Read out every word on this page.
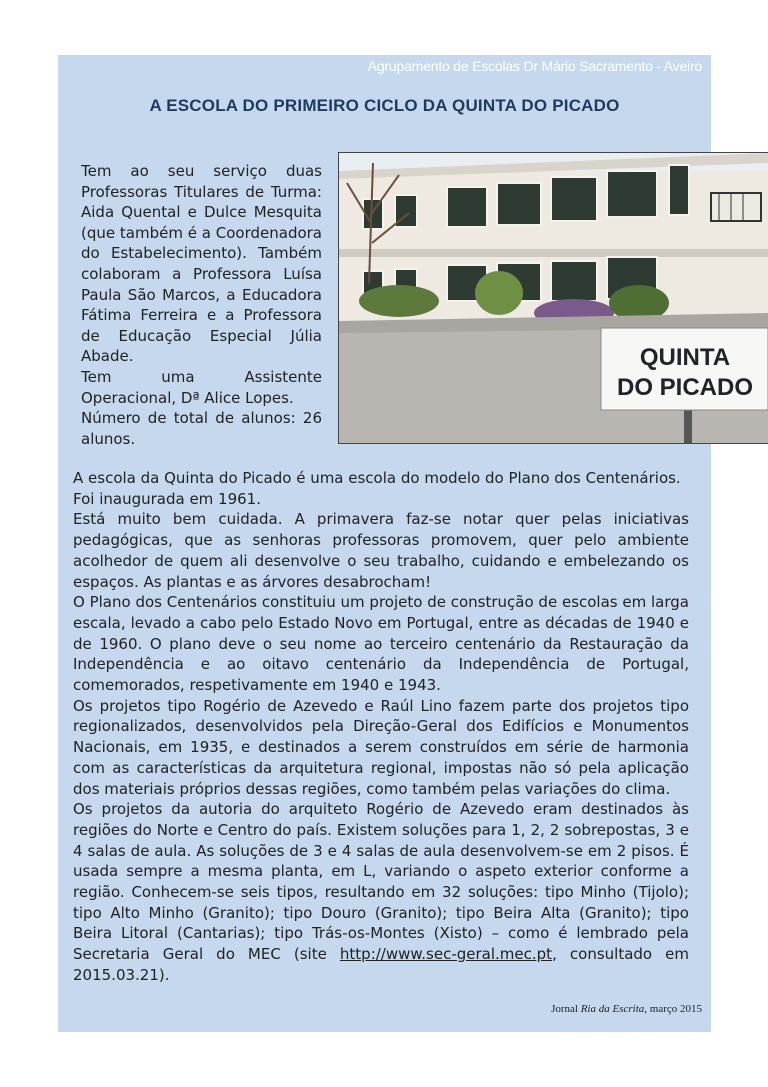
Agrupamento de Escolas Dr Mário Sacramento - Aveiro
A ESCOLA DO PRIMEIRO CICLO DA QUINTA DO PICADO

Tem ao seu serviço duas Professoras Titulares de Turma: Aida Quental e Dulce Mesquita (que também é a Coordenadora do Estabelecimento). Também colaboram a Professora Luísa Paula São Marcos, a Educadora Fátima Ferreira e a Professora de Educação Especial Júlia Abade.

Tem uma Assistente Operacional, Dª Alice Lopes.

Número de total de alunos: 26 alunos.

QUINTA
DO PICADO

A escola da Quinta do Picado é uma escola do modelo do Plano dos Centenários.

Foi inaugurada em 1961.

Está muito bem cuidada. A primavera faz-se notar quer pelas iniciativas pedagógicas, que as senhoras professoras promovem, quer pelo ambiente acolhedor de quem ali desenvolve o seu trabalho, cuidando e embelezando os espaços. As plantas e as árvores desabrocham!

O Plano dos Centenários constituiu um projeto de construção de escolas em larga escala, levado a cabo pelo Estado Novo em Portugal, entre as décadas de 1940 e de 1960. O plano deve o seu nome ao terceiro centenário da Restauração da Independência e ao oitavo centenário da Independência de Portugal, comemorados, respetivamente em 1940 e 1943.

Os projetos tipo Rogério de Azevedo e Raúl Lino fazem parte dos projetos tipo regionalizados, desenvolvidos pela Direção-Geral dos Edifícios e Monumentos Nacionais, em 1935, e destinados a serem construídos em série de harmonia com as características da arquitetura regional, impostas não só pela aplicação dos materiais próprios dessas regiões, como também pelas variações do clima.

Os projetos da autoria do arquiteto Rogério de Azevedo eram destinados às regiões do Norte e Centro do país. Existem soluções para 1, 2, 2 sobrepostas, 3 e 4 salas de aula. As soluções de 3 e 4 salas de aula desenvolvem-se em 2 pisos. É usada sempre a mesma planta, em L, variando o aspeto exterior conforme a região. Conhecem-se seis tipos, resultando em 32 soluções: tipo Minho (Tijolo); tipo Alto Minho (Granito); tipo Douro (Granito); tipo Beira Alta (Granito); tipo Beira Litoral (Cantarias); tipo Trás-os-Montes (Xisto) – como é lembrado pela Secretaria Geral do MEC (site http://www.sec-geral.mec.pt, consultado em 2015.03.21).

Jornal Ria da Escrita, março 2015
